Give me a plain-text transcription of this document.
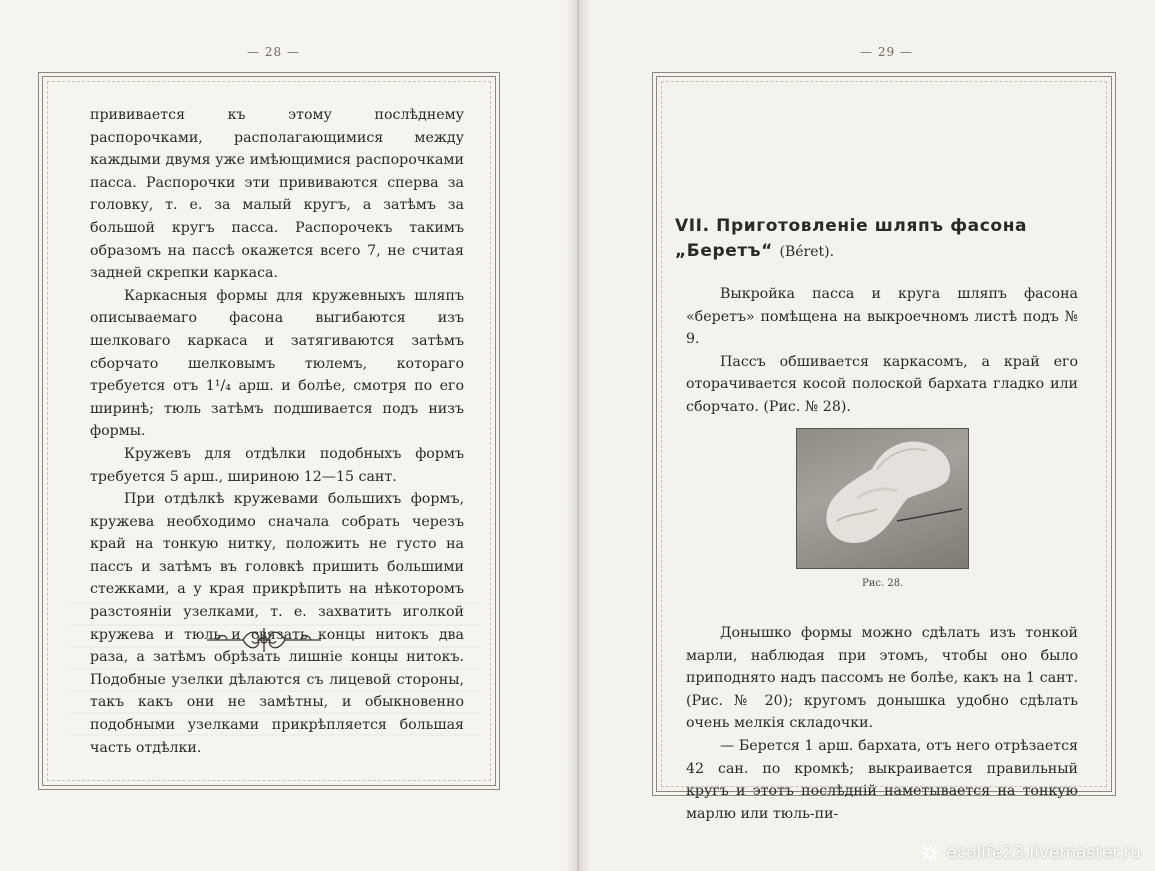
— 28 —

прививается къ этому послѣднему распорочками, располагающимися между каждыми двумя уже имѣющимися распорочками пасса. Распорочки эти прививаются сперва за головку, т. е. за малый кругъ, а затѣмъ за большой кругъ пасса. Распорочекъ такимъ образомъ на пассѣ окажется всего 7, не считая задней скрепки каркаса.

Каркасныя формы для кружевныхъ шляпъ описываемаго фасона выгибаются изъ шелковаго каркаса и затягиваются затѣмъ сборчато шелковымъ тюлемъ, котораго требуется отъ 1¹/₄ арш. и болѣе, смотря по его ширинѣ; тюль затѣмъ подшивается подъ низъ формы.

Кружевъ для отдѣлки подобныхъ формъ требуется 5 арш., шириною 12—15 сант.

При отдѣлкѣ кружевами большихъ формъ, кружева необходимо сначала собрать черезъ край на тонкую нитку, положить не густо на пассъ и затѣмъ въ головкѣ пришить большими стежками, а у края прикрѣпить на нѣкоторомъ разстояніи узелками, т. е. захватить иголкой кружева и тюль и связать концы нитокъ два раза, а затѣмъ обрѣзать лишніе концы нитокъ. Подобные узелки дѣлаются съ лицевой стороны, такъ какъ они не замѣтны, и обыкновенно подобными узелками прикрѣпляется большая часть отдѣлки.

— 29 —
VII. Приготовленіе шляпъ фасона „Беретъ“ (Béret).

Выкройка пасса и круга шляпъ фасона «беретъ» помѣщена на выкроечномъ листѣ подъ № 9.

Пассъ обшивается каркасомъ, а край его оторачивается косой полоской бархата гладко или сборчато. (Рис. № 28).

Рис. 28.

Донышко формы можно сдѣлать изъ тонкой марли, наблюдая при этомъ, чтобы оно было приподнято надъ пассомъ не болѣе, какъ на 1 сант. (Рис. № 20); кругомъ донышка удобно сдѣлать очень мелкія складочки.

— Берется 1 арш. бархата, отъ него отрѣзается 42 сан. по кромкѣ; выкраивается правильный кругъ и этотъ послѣдній наметывается на тонкую марлю или тюль-пи-

ecolife23.livemaster.ru
